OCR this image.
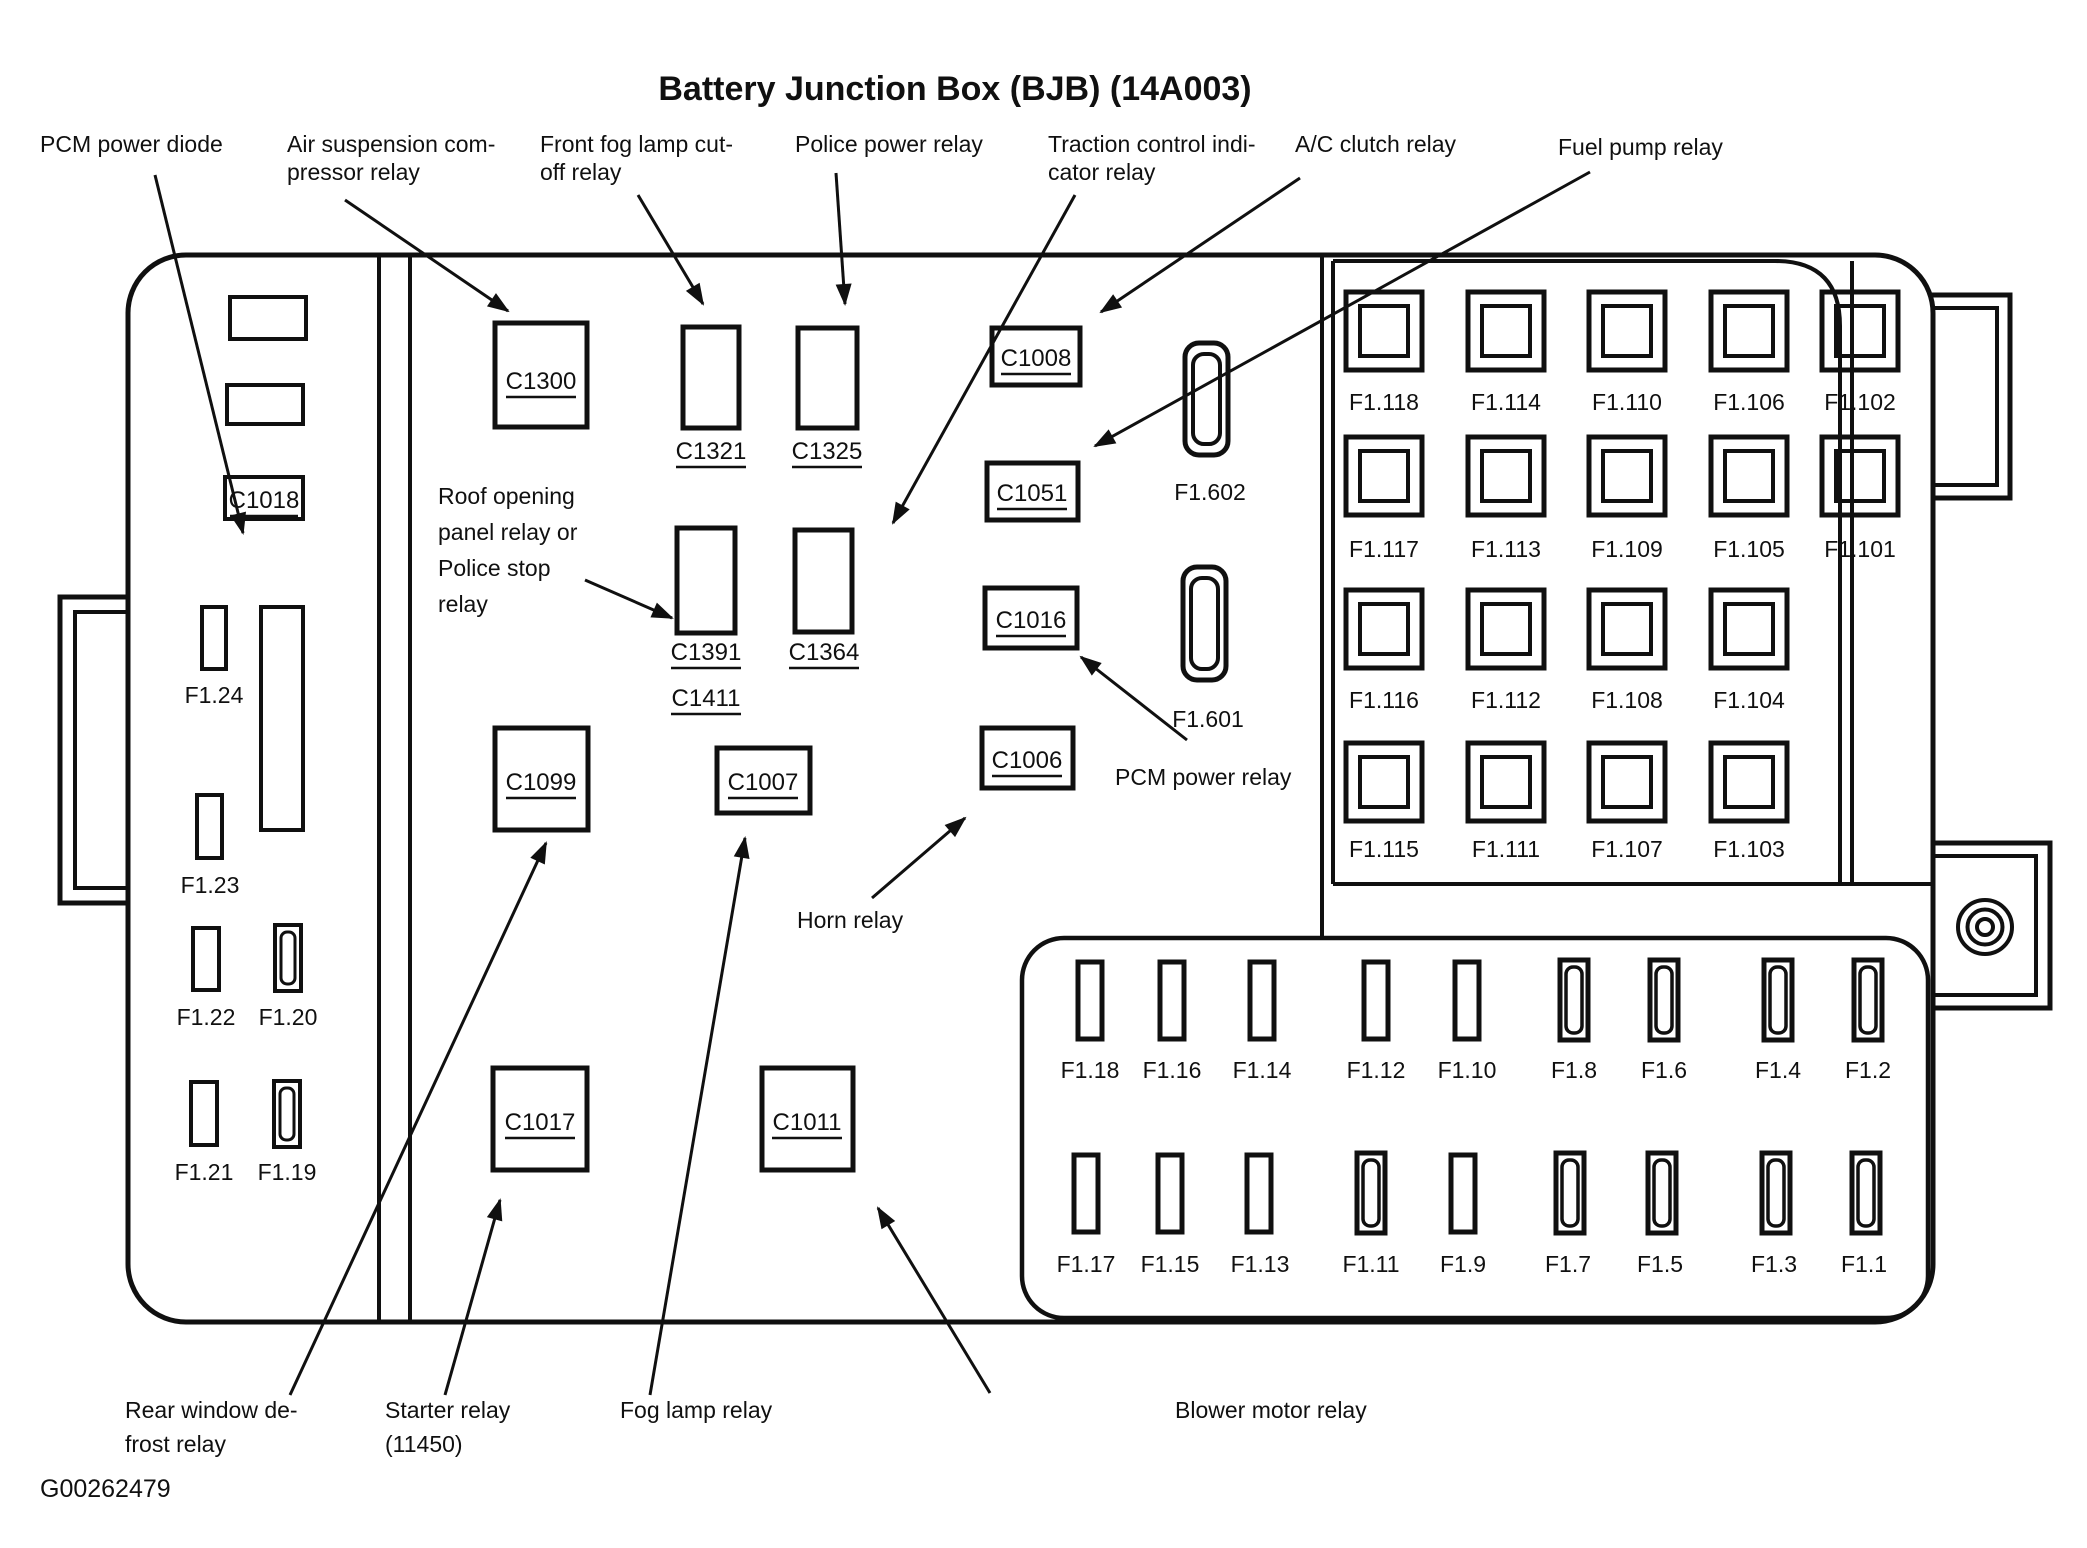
Battery Junction Box (BJB) (14A003)
C1018
F1.24
F1.23
F1.22 F1.20
F1.21 F1.19
C1300
C1321 C1325
C1391
C1411
C1364
C1099	C1007
C1017	C1011
C1008
C1051
C1016
C1006
F1.602
F1.601
F1.118 F1.114 F1.110 F1.106 F1.102
F1.117 F1.113 F1.109 F1.105 F1.101
F1.116 F1.112 F1.108 F1.104
F1.115 F1.111 F1.107 F1.103
F1.18 F1.16 F1.14 F1.12 F1.10 F1.8 F1.6	F1.4 F1.2
F1.17 F1.15 F1.13 F1.11 F1.9	F1.7 F1.5	F1.3 F1.1
PCM power diode	Air suspension com-
pressor relay
Front fog lamp cut-
off relay
Police power relay	Traction control indi-
cator relay
A/C clutch relay	Fuel pump relay
Roof opening
panel relay or
Police stop
relay
Horn relay
PCM power relay
Rear window de-
frost relay
Starter relay
(11450)
Fog lamp relay	Blower motor relay
G00262479
